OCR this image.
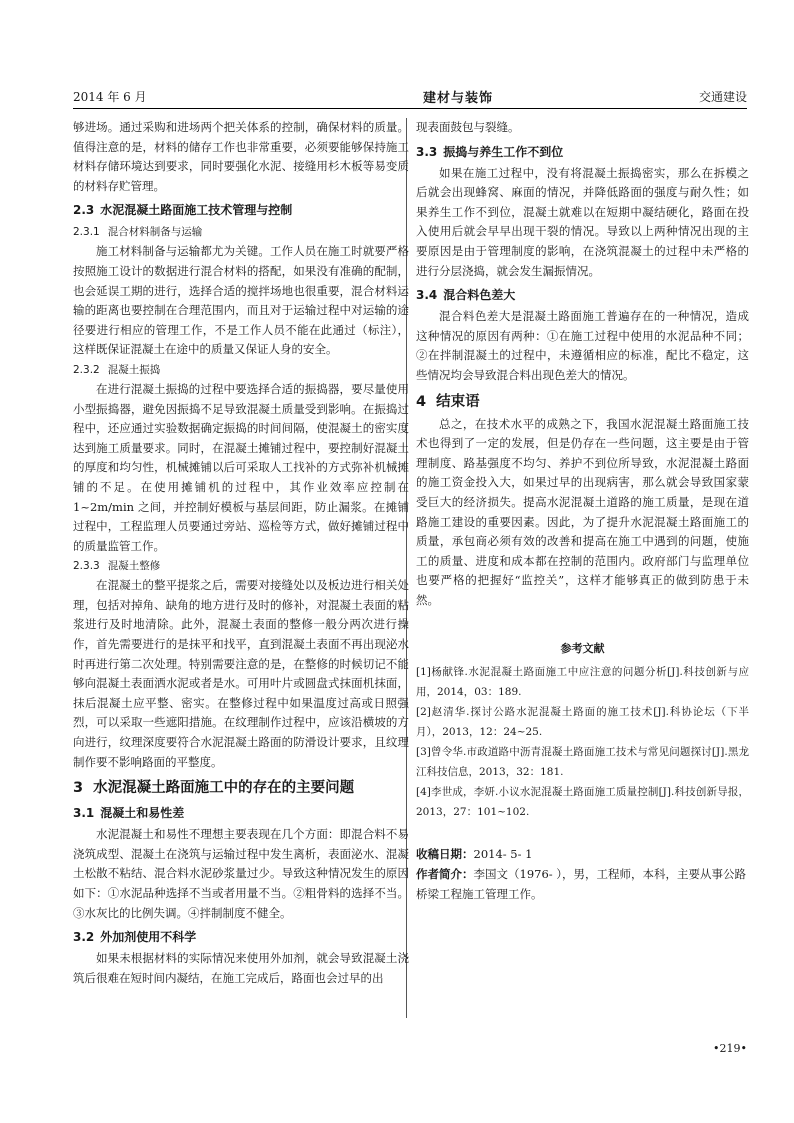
2014 年 6 月	建材与装饰	交通建设

够进场。通过采购和进场两个把关体系的控制，确保材料的质量。值得注意的是，材料的储存工作也非常重要，必须要能够保持施工材料存储环境达到要求，同时要强化水泥、接缝用杉木板等易变质的材料存贮管理。

2.3 水泥混凝土路面施工技术管理与控制
2.3.1 混合材料制备与运输

施工材料制备与运输都尤为关键。工作人员在施工时就要严格按照施工设计的数据进行混合材料的搭配，如果没有准确的配制，也会延误工期的进行，选择合适的搅拌场地也很重要，混合材料运输的距离也要控制在合理范围内，而且对于运输过程中对运输的途径要进行相应的管理工作，不是工作人员不能在此通过（标注），这样既保证混凝土在途中的质量又保证人身的安全。

2.3.2 混凝土振捣

在进行混凝土振捣的过程中要选择合适的振捣器，要尽量使用小型振捣器，避免因振捣不足导致混凝土质量受到影响。在振捣过程中，还应通过实验数据确定振捣的时间间隔，使混凝土的密实度达到施工质量要求。同时，在混凝土摊铺过程中，要控制好混凝土的厚度和均匀性，机械摊铺以后可采取人工找补的方式弥补机械摊铺的不足。在使用摊铺机的过程中，其作业效率应控制在 1~2m/min 之间，并控制好模板与基层间距，防止漏浆。在摊铺过程中，工程监理人员要通过旁站、巡检等方式，做好摊铺过程中的质量监管工作。

2.3.3 混凝土整修

在混凝土的整平提浆之后，需要对接缝处以及板边进行相关处理，包括对掉角、缺角的地方进行及时的修补，对混凝土表面的粘浆进行及时地清除。此外，混凝土表面的整修一般分两次进行操作，首先需要进行的是抹平和找平，直到混凝土表面不再出现泌水时再进行第二次处理。特别需要注意的是，在整修的时候切记不能够向混凝土表面洒水泥或者是水。可用叶片或圆盘式抹面机抹面，抹后混凝土应平整、密实。在整修过程中如果温度过高或日照强烈，可以采取一些遮阳措施。在纹理制作过程中，应该沿横坡的方向进行，纹理深度要符合水泥混凝土路面的防滑设计要求，且纹理制作要不影响路面的平整度。

3 水泥混凝土路面施工中的存在的主要问题
3.1 混凝土和易性差

水泥混凝土和易性不理想主要表现在几个方面：即混合料不易浇筑成型、混凝土在浇筑与运输过程中发生离析，表面泌水、混凝土松散不粘结、混合料水泥砂浆量过少。导致这种情况发生的原因如下：①水泥品种选择不当或者用量不当。②粗骨料的选择不当。③水灰比的比例失调。④拌制制度不健全。

3.2 外加剂使用不科学

如果未根据材料的实际情况来使用外加剂，就会导致混凝土浇筑后很难在短时间内凝结，在施工完成后，路面也会过早的出

现表面鼓包与裂缝。

3.3 振捣与养生工作不到位

如果在施工过程中，没有将混凝土振捣密实，那么在拆模之后就会出现蜂窝、麻面的情况，并降低路面的强度与耐久性；如果养生工作不到位，混凝土就难以在短期中凝结硬化，路面在投入使用后就会早早出现干裂的情况。导致以上两种情况出现的主要原因是由于管理制度的影响，在浇筑混凝土的过程中未严格的进行分层浇捣，就会发生漏振情况。

3.4 混合料色差大

混合料色差大是混凝土路面施工普遍存在的一种情况，造成这种情况的原因有两种：①在施工过程中使用的水泥品种不同；②在拌制混凝土的过程中，未遵循相应的标准，配比不稳定，这些情况均会导致混合料出现色差大的情况。

4 结束语

总之，在技术水平的成熟之下，我国水泥混凝土路面施工技术也得到了一定的发展，但是仍存在一些问题，这主要是由于管理制度、路基强度不均匀、养护不到位所导致，水泥混凝土路面的施工资金投入大，如果过早的出现病害，那么就会导致国家蒙受巨大的经济损失。提高水泥混凝土道路的施工质量，是现在道路施工建设的重要因素。因此，为了提升水泥混凝土路面施工的质量，承包商必须有效的改善和提高在施工中遇到的问题，使施工的质量、进度和成本都在控制的范围内。政府部门与监理单位也要严格的把握好“监控关”，这样才能够真正的做到防患于未然。

参考文献

[1]杨献锋.水泥混凝土路面施工中应注意的问题分析[J].科技创新与应用，2014，03：189.

[2]赵清华.探讨公路水泥混凝土路面的施工技术[J].科协论坛（下半月），2013，12：24~25.

[3]曾令华.市政道路中沥青混凝土路面施工技术与常见问题探讨[J].黑龙江科技信息，2013，32：181.

[4]李世成，李妍.小议水泥混凝土路面施工质量控制[J].科技创新导报，2013，27：101~102.

收稿日期：2014- 5- 1

作者简介：李国文（1976- ），男，工程师，本科，主要从事公路桥梁工程施工管理工作。

•219•
